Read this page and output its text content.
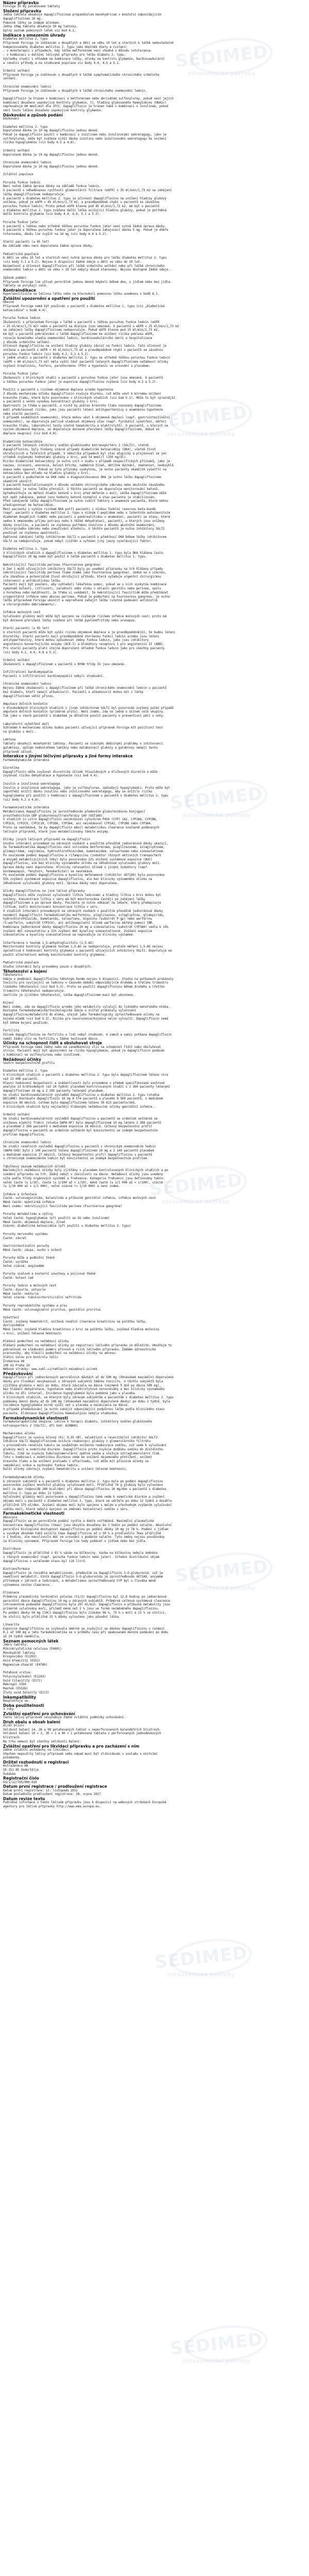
SEDIMED
zdravotnické potřeby
SEDIMED
zdravotnické potřeby
SEDIMED
zdravotnické potřeby
SEDIMED
zdravotnické potřeby
SEDIMED
zdravotnické potřeby
SEDIMED
zdravotnické potřeby
SEDIMED
zdravotnické potřeby
Název přípravku
Forxiga 10 mg potahované tablety
Složení přípravku
Jedna tableta obsahuje dapagliflozinum propandiolum monohydricum v množství odpovídajícím
dapagliflozinum 10 mg.
Pomocné látky se známým účinkem:
Jedna 10mg tableta obsahuje 50 mg laktosy.
Úplný seznam pomocných látek viz bod 6.1.
Indikace s omezením úhrady
Diabetes mellitus 2. typu
Přípravek Forxiga je indikován u dospělých a dětí ve věku 10 let a starších k léčbě nedostatečně
kompenzovaného diabetes mellitus 2. typu jako doplněk diety a cvičení:
- v monoterapii v případech, kdy léčba metforminem není vhodná z důvodu intolerance.
- v kombinaci s dalšími léčivými přípravky pro léčbu diabetu 2. typu.
Výsledky studií s ohledem na kombinace léčby, účinky na kontrolu glykemie, kardiovaskulární
a renální příhody a na studované populace viz body 4.4, 4.5 a 5.1.

Srdeční selhání
Přípravek Forxiga je indikován u dospělých k léčbě symptomatického chronického srdečního
selhání.

Chronické onemocnění ledvin
Přípravek Forxiga je indikován u dospělých k léčbě chronického onemocnění ledvin.

Dapagliflozin je hrazen v kombinaci s metforminem nebo derivátem sulfonylurey, pokud není jejich
kombinací dosaženo uspokojivé kontroly glykemie, tj. hladina glykovaného hemoglobinu (HbA1c)
nepřesahuje 60 mmol/mol dle IFCC. Dapagliflozin je hrazen také v kombinaci s inzulinem, pokud
není touto léčbou dosaženo uspokojivé kontroly glykemie.
Dávkování a způsob podání
Dávkování

Diabetes mellitus 2. typu
Doporučená dávka je 10 mg dapagliflozinu jednou denně.
Pokud je dapagliflozin použit v kombinaci s inzulinem nebo inzulinovými sekretagogy, jako je
sulfonylurea, může být zvážena nižší dávka inzulinu nebo inzulinového sekretagogu ke snížení
rizika hypoglykemie (viz body 4.5 a 4.8).

Srdeční selhání
Doporučená dávka je 10 mg dapagliflozinu jednou denně.

Chronické onemocnění ledvin
Doporučená dávka je 10 mg dapagliflozinu jednou denně.

Zvláštní populace

Porucha funkce ledvin
Není nutná žádná úprava dávky na základě funkce ledvin.
U pacientů s odhadovanou rychlostí glomerulární filtrace (eGFR) < 25 ml/min/1,73 m2 se zahájení
léčby dapagliflozinem nedoporučuje.
U pacientů s diabetes mellitus 2. typu je účinnost dapagliflozinu na snížení hladiny glukózy
snížena, pokud je eGFR < 45 ml/min/1,73 m2, a pravděpodobně chybí u pacientů se závažnou
poruchou funkce ledvin. Proto pokud eGFR klesne pod 45 ml/min/1,73 m2, má být u pacientů
s diabetes mellitus 2. typu zvážena další léčba snižující hladinu glukózy, pokud je potřebná
další kontrola glykemie (viz body 4.4, 4.8, 5.1 a 5.2).

Porucha funkce jater
U pacientů s lehkou nebo středně těžkou poruchou funkce jater není nutná žádná úprava dávky.
U pacientů s těžkou poruchou funkce jater je doporučena zahajovací dávka 5 mg. Pokud je dobře
tolerována, dávku lze zvýšit na 10 mg (viz body 4.4 a 5.2).

Starší pacienti (≥ 65 let)
Na základě věku není doporučena žádná úprava dávky.

Pediatrická populace
U dětí ve věku 10 let a starších není nutná úprava dávky pro léčbu diabetes mellitus 2. typu
(viz body 5.1 a 5.2). Nejsou k dispozici žádné údaje u dětí ve věku do 10 let.
Bezpečnost a účinnost dapagliflozinu při léčbě srdečního selhání nebo při léčbě chronického
onemocnění ledvin u dětí ve věku < 18 let nebyly dosud stanoveny. Nejsou dostupné žádné údaje.

Způsob podání
Přípravek Forxiga lze užívat perorálně jednou denně kdykoli během dne, s jídlem nebo bez jídla.
Tablety se polykají celé.
Kontraindikace
Hypersenzitivita na léčivou látku nebo na kteroukoli pomocnou látku uvedenou v bodě 6.1.
Zvláštní upozornění a opatření pro použití
Obecné
Přípravek Forxiga nemá být používán u pacientů s diabetes mellitus 1. typu (viz „Diabetická
ketoacidóza“ v bodě 4.4).

Porucha funkce ledvin
Zkušenosti s přípravkem Forxiga v léčbě u pacientů s těžkou poruchou funkce ledvin (eGFR
< 25 ml/min/1,73 m2) nebo u pacientů na dialýze jsou omezené. U pacientů s eGFR < 25 ml/min/1,73 m2
se zahájení léčby dapagliflozinem nedoporučuje. Pokud eGFR klesne pod 25 ml/min/1,73 m2,
má být u pacientů pokračováno v léčbě dapagliflozinem ke snížení rizika poklesu eGFR,
rozvoje konečného stadia onemocnění ledvin, kardiovaskulárního úmrtí a hospitalizace
z důvodu srdečního selhání.
Účinnost dapagliflozinu na snížení hladiny glukózy závisí na funkci ledvin. Tato účinnost je
snížena u pacientů s eGFR < 45 ml/min/1,73 m2 a pravděpodobně chybí u pacientů se závažnou
poruchou funkce ledvin (viz body 4.2, 5.1 a 5.2).
V jedné studii u pacientů s diabetes mellitus 2. typu se středně těžkou poruchou funkce ledvin
(eGFR < 60 ml/min/1,73 m2) měla vyšší část pacientů léčených dapagliflozinem nežádoucí účinky
zvýšení kreatininu, fosforu, parathormonu (PTH) a hypotenzi ve srovnání s placebem.

Porucha funkce jater
Zkušenosti z klinických studií u pacientů s poruchou funkce jater jsou omezené. U pacientů
s těžkou poruchou funkce jater je expozice dapagliflozinu zvýšená (viz body 4.2 a 5.2).

Použití u pacientů s rizikem objemové deplece a/nebo hypotenze
Z důvodu mechanismu účinku dapagliflozin zvyšuje diurézu, což může vést k mírnému snížení
krevního tlaku, které bylo pozorováno v klinických studiích (viz bod 5.1). Může to být výraznější
u pacientů s velmi vysokou koncentrací glukózy v krvi.
Opatrnosti je třeba u pacientů, u nichž by pokles krevního tlaku navozený dapagliflozinem
mohl představovat riziko, jako jsou pacienti léčení antihypertenzivy s anamnézou hypotenze
nebo starší pacienti.
V případě souběžných onemocnění, která mohou vést k objemové depleci (např. gastrointestinální
onemocnění), se doporučuje pečlivě sledovat objemový stav (např. fyzikální vyšetření, měření
krevního tlaku, laboratorní testy včetně hematokritu a elektrolytů). U pacientů, u kterých se
vyvine objemová deplece, se doporučuje dočasné přerušení léčby dapagliflozinem, dokud se
deplece neupraví (viz bod 4.8).

Diabetická ketoacidóza
U pacientů léčených inhibitory sodíko-glukózového kotransportéru 2 (SGLT2), včetně
dapagliflozinu, byly hlášeny vzácné případy diabetické ketoacidózy (DKA), včetně život
ohrožujících a fatálních případů. V několika případech byl stav atypický a projevoval se jen
středně zvýšenými hodnotami glukózy v krvi, pod 14 mmol/l (250 mg/dl).
Riziko diabetické ketoacidózy je nutno vzít v úvahu v případě nespecifických příznaků, jako je
nauzea, zvracení, anorexie, bolest břicha, nadměrná žízeň, obtížné dýchání, zmatenost, neobvyklá
únava nebo spavost. Pokud se tyto příznaky vyskytnou, je nutno pacienty okamžitě vyšetřit na
ketoacidózu bez ohledu na hladinu glukózy v krvi.
U pacientů s podezřením na DKA nebo s diagnostikovanou DKA je nutno léčbu dapagliflozinem
okamžitě ukončit.
U pacientů hospitalizovaných z důvodu velkého chirurgického zákroku nebo akutního závažného
onemocnění je nutno léčbu přerušit. U těchto pacientů se doporučuje monitorování ketonů.
Upřednostňuje se měření hladin ketonů v krvi před měřením v moči. Léčba dapagliflozinem může
být opět zahájena, pokud jsou hodnoty ketonů normální a stav pacienta je stabilizován.
Před zahájením léčby dapagliflozinem je nutno zvážit faktory v anamnéze pacienta, které mohou
předisponovat ke ketoacidóze.
Mezi pacienty s vyšším rizikem DKA patří pacienti s nízkou funkční rezervou beta-buněk
(např. pacienti s diabetes mellitus 2. typu s nízkým C-peptidem nebo s latentním autoimunitním
diabetem dospělých (LADA) nebo pacienti s pankreatitidou v anamnéze), pacienti se stavy, které
vedou k omezenému příjmu potravy nebo k těžké dehydrataci, pacienti, u kterých jsou sníženy
dávky inzulinu, a pacienti se zvýšenou potřebou inzulinu z důvodu akutního onemocnění,
chirurgického zákroku nebo zneužívání alkoholu. U těchto pacientů je nutno inhibitory SGLT2
používat se zvýšenou opatrností.
Opětovné zahájení léčby inhibitorem SGLT2 u pacientů s předchozí DKA během léčby inhibitorem
SGLT2 se nedoporučuje, pokud nebyl zjištěn a vyřešen jiný jasný vyvolávající faktor.

Diabetes mellitus 1. typu
V klinických studiích s dapagliflozinem u diabetes mellitus 1. typu byla DKA hlášena často.
Dapagliflozin 10 mg nemá být použit k léčbě pacientů s diabetes mellitus 1. typu.

Nekrotizující fasciitida perinea (Fournierova gangréna)
U žen i mužů užívajících inhibitory SGLT2 byly po uvedení přípravku na trh hlášeny případy
nekrotizující fasciitidy perinea (také známé jako Fournierova gangréna). Jedná se o vzácnou,
ale závažnou a potenciálně život ohrožující příhodu, která vyžaduje urgentní chirurgickou
intervenci a antibiotickou léčbu.
Pacienti mají být poučeni, aby vyhledali lékařskou pomoc, pokud se u nich vyskytne kombinace
symptomů bolesti, citlivosti, zarudnutí nebo otoku v oblasti genitálu nebo perinea, spolu
s horečkou nebo malátností. Je třeba si uvědomit, že nekrotizující fasciitidě může předcházet
urogenitální infekce nebo absces perinea. Pokud je podezření na Fournierovu gangrénu, je nutno
léčbu přípravkem Forxiga ukončit a neprodleně zahájit léčbu (včetně podávání antibiotik
a chirurgického debridementu).

Infekce močových cest
Vylučování glukózy močí může být spojeno se zvýšeným rizikem infekce močových cest; proto má
být dočasné přerušení léčby zváženo při léčbě pyelonefritidy nebo urosepse.

Starší pacienti (≥ 65 let)
U starších pacientů může být vyšší riziko objemové deplece a je pravděpodobnější, že budou léčeni
diuretiky. Starší pacienti mají pravděpodobně zhoršenou funkci ledvin a/nebo jsou léčeni
antihypertenzivy, která mohou způsobovat změny funkce ledvin, jako jsou inhibitory
angiotenzin konvertujícího enzymu (ACE-I) a blokátory receptoru 1 pro angiotenzin II (ARB).
Pro starší pacienty platí stejná doporučení ohledně funkce ledvin jako pro všechny pacienty
(viz body 4.2, 4.4, 4.8 a 5.1).

Srdeční selhání
Zkušenosti s dapagliflozinem u pacientů s NYHA třídy IV jsou omezené.

Infiltrativní kardiomyopatie
Pacienti s infiltrativní kardiomyopatií nebyli studováni.

Chronické onemocnění ledvin
Nejsou žádné zkušenosti s dapagliflozinem při léčbě chronického onemocnění ledvin u pacientů
bez diabetu, kteří nemají albuminurii. Pacienti s albuminurií mohou mít z léčby
dapagliflozinem větší přínos.

Amputace dolních končetin
V dlouhodobých klinických studiích s jiným inhibitorem SGLT2 byl pozorován zvýšený počet případů
amputace dolních končetin (primárně prstu). Není známo, zda se jedná o účinek celé skupiny.
Tak jako u všech pacientů s diabetem je důležité poučit pacienty o preventivní péči o nohy.

Laboratorní vyšetření moči
Vzhledem k mechanismu účinku budou pacienti užívající přípravek Forxiga mít pozitivní test
na glukózu v moči.

Laktosa
Tablety obsahují monohydrát laktosy. Pacienti se vzácnými dědičnými problémy s intolerancí
galaktosy, úplným nedostatkem laktázy nebo malabsorpcí glukózy a galaktosy nemají tento
přípravek užívat.
Interakce s jinými léčivými přípravky a jiné formy interakce
Farmakodynamické interakce

Diuretika
Dapagliflozin může zvyšovat diuretický účinek thiazidových a kličkových diuretik a může
zvyšovat riziko dehydratace a hypotenze (viz bod 4.4).

Inzulin a inzulinová sekretagoga
Inzulin a inzulinová sekretagoga, jako je sulfonylurea, způsobují hypoglykemii. Proto může být
zapotřebí snížit dávku inzulinu nebo inzulinového sekretagogu, aby se snížilo riziko
hypoglykemie při použití v kombinaci s dapagliflozinem u pacientů s diabetes mellitus 2. typu
(viz body 4.2 a 4.8).

Farmakokinetické interakce
Metabolismus dapagliflozinu je zprostředkován především glukuronidovou konjugací
prostřednictvím UDP glukuronosyltransferázy 1A9 (UGT1A9).
V studiích in vitro dapagliflozin neinhiboval cytochrom P450 (CYP) 1A2, CYP2A6, CYP2B6,
CYP2C8, CYP2C9, CYP2C19, CYP2D6, CYP3A4, ani neindukoval CYP1A2, CYP2B6 nebo CYP3A4.
Proto se neočekává, že by dapagliflozin měnil metabolickou clearance současně podávaných
léčivých přípravků, které jsou metabolizovány těmito enzymy.

Účinky jiných léčivých přípravků na dapagliflozin
Studie interakcí provedené na zdravých osobách s použitím převážně jednorázové dávky ukazují,
že farmakokinetika dapagliflozinu není ovlivněna metforminem, pioglitazonem, sitagliptinem,
glimepiridem, vogliboza, hydrochlorothiazidem, bumetanidem, valsartanem nebo simvastatinem.
Po současném podání dapagliflozinu a rifampicinu (induktor různých aktivních transportérů
a enzymů metabolizujících léky) bylo pozorováno 22% snížení systémové expozice (AUC)
dapagliflozinu, ale bez klinicky významného účinku na 24hodinové vylučování glukózy močí.
Úprava dávky není doporučena. Klinicky relevantní účinek s jinými induktory (např.
karbamazepin, fenytoin, fenobarbital) se neočekává.
Po současném podání dapagliflozinu a kyseliny mefenamové (inhibitor UGT1A9) bylo pozorováno
55% zvýšení systémové expozice dapagliflozinu, ale bez klinicky významného účinku na
24hodinové vylučování glukózy močí. Úprava dávky není doporučena.

Účinky dapagliflozinu na jiné léčivé přípravky
Dapagliflozin může zvyšovat vylučování lithia ledvinami a hladiny lithia v krvi mohou být
sníženy. Koncentrace lithia v séru má být monitorována častěji po zahájení léčby
dapagliflozinem a po úpravě dávky. Pacienta je nutno odkázat na lékaře, který předepisuje
lithium, kvůli monitorování koncentrace lithia v séru.
V studiích interakcí provedených na zdravých osobách s použitím převážně jednorázové dávky
nezměnil dapagliflozin farmakokinetiku metforminu, pioglitazonu, sitagliptinu, glimepiridu,
hydrochlorothiazidu, bumetanidu, valsartanu, digoxinu (substrát P-gp) nebo warfarinu
(S-warfarin, substrát CYP2C9), ani antikoagulační účinek warfarinu měřený pomocí INR.
Kombinace jednorázové dávky dapagliflozinu 20 mg a simvastatinu (substrát CYP3A4) vedla k 19%
zvýšení AUC simvastatinu a 31% zvýšení AUC kyseliny simvastatinové. Zvýšení expozice
simvastatinu a kyseliny simvastatinové se nepovažuje za klinicky významné.

Interference s testem 1,5-anhydroglucitolu (1,5-AG)
Monitorování kontroly glykemie testem 1,5-AG se nedoporučuje, protože měření 1,5-AG nejsou
spolehlivá k hodnocení kontroly glykemie u pacientů užívajících inhibitory SGLT2. Doporučuje se
použít alternativní metody monitorování kontroly glykemie.

Pediatrická populace
Studie interakcí byly provedeny pouze u dospělých.
Těhotenství a kojení
Těhotenství
Údaje o podávání dapagliflozinu těhotným ženám nejsou k dispozici. Studie na potkanech prokázaly
toxicitu pro vyvíjející se ledviny v časovém období odpovídajícím druhému a třetímu trimestru
lidského těhotenství (viz bod 5.3). Proto se použití dapagliflozinu během druhého a třetího
trimestru těhotenství nedoporučuje.
Jestliže je zjištěno těhotenství, léčba dapagliflozinem musí být ukončena.

Kojení
Není známo, zda se dapagliflozin a/nebo jeho metabolity vylučují do lidského mateřského mléka.
Dostupné farmakodynamické/toxikologické údaje u zvířat prokázaly vylučování
dapagliflozinu/metabolitů do mléka, stejně jako farmakologicky zprostředkované účinky na
kojené mládě (viz bod 5.3). Riziko pro novorozence/kojence nelze vyloučit. Dapagliflozin nemá
být během kojení používán.

Fertilita
Účinek dapagliflozinu na fertilitu u lidí nebyl studován. U samců a samic potkana dapagliflozin
neměl žádný vliv na fertilitu v žádné testované dávce.
Účinky na schopnost řídit a obsluhovat stroje
Přípravek Forxiga nemá žádný nebo má zanedbatelný vliv na schopnost řídit nebo obsluhovat
stroje. Pacienti mají být upozorněni na riziko hypoglykemie, pokud je dapagliflozin podáván
v kombinaci se sulfonylureou nebo inzulinem.
Nežádoucí účinky
Souhrn bezpečnostního profilu

Diabetes mellitus 2. typu
V klinických studiích u pacientů s diabetes mellitus 2. typu bylo dapagliflozinem léčeno více
než 15 000 pacientů.
Hlavní hodnocení bezpečnosti a snášenlivosti bylo provedeno v předem specifikované souhrnné
analýze 13 krátkodobých (až 24 týdnů) placebem kontrolovaných studií s 2 360 pacienty léčenými
dapagliflozinem 10 mg a 2 295 pacienty léčenými placebem.
Ve studii kardiovaskulárních výsledků dapagliflozinu u diabetes mellitus 2. typu (studie
DECLARE) dostávalo dapagliflozin 10 mg 8 574 pacientů a placebo 8 569 pacientů, s mediánem
expozice 48 měsíců. Celkem bylo dapagliflozinem léčeno 30 623 pacientoroků.
V klinických studiích byly nejčastěji hlášenými nežádoucími účinky genitální infekce.

Srdeční selhání
Ve studii kardiovaskulárních výsledků dapagliflozinu u pacientů se srdečním selháním se
sníženou ejekční frakcí (studie DAPA-HF) bylo dapagliflozinem 10 mg léčeno 2 368 pacientů
a placebem 2 368 pacientů s mediánem expozice 18 měsíců. Celkový bezpečnostní profil
dapagliflozinu u pacientů se srdečním selháním byl konzistentní se známým bezpečnostním
profilem dapagliflozinu.

Chronické onemocnění ledvin
Ve studii renálních výsledků dapagliflozinu u pacientů s chronickým onemocněním ledvin
(DAPA-CKD) bylo 2 149 pacientů léčeno dapagliflozinem 10 mg a 2 149 pacientů placebem
s mediánem expozice 27 měsíců. Celkový bezpečnostní profil dapagliflozinu u pacientů
s chronickým onemocněním ledvin byl konzistentní se známým bezpečnostním profilem.

Tabulkový seznam nežádoucích účinků
Následující nežádoucí účinky byly zjištěny v placebem kontrolovaných klinických studiích a po
uvedení přípravku na trh. Žádný nebyl v závislosti na dávce. Nežádoucí účinky jsou uvedeny
níže podle třídy orgánových systémů a frekvence. Kategorie frekvencí jsou definovány takto:
velmi časté (≥ 1/10), časté (≥ 1/100 až < 1/10), méně časté (≥ 1/1 000 až < 1/100), vzácné
(≥ 1/10 000 až < 1/1 000), velmi vzácné (< 1/10 000) a není známo.

Infekce a infestace
Časté: vulvovaginitida, balanitida a příbuzné genitální infekce, infekce močových cest
Méně časté: mykotická infekce
Není známo: nekrotizující fasciitida perinea (Fournierova gangréna)

Poruchy metabolismu a výživy
Velmi časté: hypoglykemie (při použití se SU nebo inzulinem)
Méně časté: objemová deplece, žízeň
Vzácné: diabetická ketoacidóza (při použití u diabetes mellitus 2. typu)

Poruchy nervového systému
Časté: závrať

Gastrointestinální poruchy
Méně časté: zácpa, sucho v ústech

Poruchy kůže a podkožní tkáně
Časté: vyrážka
Velmi vzácné: angioedém

Poruchy svalové a kosterní soustavy a pojivové tkáně
Časté: bolest zad

Poruchy ledvin a močových cest
Časté: dysurie, polyurie
Méně časté: nokturie
Velmi vzácné: tubulointersticiální nefritida

Poruchy reprodukčního systému a prsu
Méně časté: vulvovaginální pruritus, genitální pruritus

Vyšetření
Časté: zvýšený hematokrit, snížená renální clearance kreatininu na počátku léčby,
dyslipidemie
Méně časté: zvýšená hladina kreatininu v krvi na počátku léčby, zvýšená hladina močoviny
v krvi, snížení tělesné hmotnosti

Hlášení podezření na nežádoucí účinky
Hlášení podezření na nežádoucí účinky po registraci léčivého přípravku je důležité. Umožňuje to
pokračovat ve sledování poměru přínosů a rizik léčivého přípravku. Žádáme zdravotnické
pracovníky, aby hlásili podezření na nežádoucí účinky na adresu:
Státní ústav pro kontrolu léčiv
Šrobárova 48
100 41 Praha 10
Webové stránky: www.sukl.cz/nahlasit-nezadouci-ucinek
Předávkování
Dapagliflozin při jednorázových perorálních dávkách až do 500 mg (50násobek maximální doporučené
dávky pro člověka) nevykazoval u zdravých subjektů žádnou toxicitu. U těchto subjektů byla
zjištěna glukóza v moči po dobu, která závisela na dávce (nejméně 5 dnů po dávce 500 mg),
bez hlášení dehydratace, hypotenze nebo elektrolytové nerovnováhy a bez klinicky významného
účinku na QTc interval. Incidence hypoglykemie byla podobná jako u placeba.
V klinických studiích, ve kterých byly zdravým subjektům a pacientům s diabetes mellitus 2. typu
podávány denní dávky až do 100 mg (10násobek maximální doporučené dávky) po dobu 2 týdnů, byla
incidence hypoglykemie mírně vyšší než u placeba a nezávisela na dávce.
V případě předávkování je nutno zahájit odpovídající podpůrnou léčbu podle klinického stavu
pacienta. Eliminace dapagliflozinu hemodialýzou nebyla studována.
Farmakodynamické vlastnosti
Farmakoterapeutická skupina: Léčiva k terapii diabetu, inhibitory sodíko-glukózového
kotransportéru 2 (SGLT2), ATC kód: A10BK01

Mechanismus účinku
Dapagliflozin je vysoce účinný (Ki: 0,55 nM), selektivní a reverzibilní inhibitor SGLT2.
Inhibice SGLT2 dapagliflozinem snižuje reabsorpci glukózy z glomerulárního filtrátu
v proximálním renálním tubulu se souběžným snížením reabsorpce sodíku, což vede k vylučování
glukózy močí a osmotické diuréze. Dapagliflozin proto zvyšuje dodávku sodíku do distálního
tubulu, čímž se zvyšuje tubuloglomerulární zpětná vazba a snižuje intraglomerulární tlak.
Toto v kombinaci s osmotickou diurézou vede ke snížení objemového přetížení, snížení
krevního tlaku a ke snížení preloadu i afterloadu, což může mít příznivé účinky na
remodelaci srdce a zachování funkce ledvin.
Další účinky zahrnují zvýšení hematokritu a snížení tělesné hmotnosti.

Farmakodynamické účinky
U zdravých subjektů a u pacientů s diabetes mellitus 2. typu bylo po podání dapagliflozinu
pozorováno zvýšení množství glukózy vylučované močí. Přibližně 70 g glukózy bylo vyloučeno
močí za den (odpovídá 280 kcal/den) při dávce dapagliflozinu 10 mg/den u pacientů s diabetes
mellitus 2. typu po dobu 12 týdnů.
Vylučování glukózy močí pozorované u dapagliflozinu také vede k osmotické diuréze a zvýšení
objemu moči u pacientů s diabetes mellitus 2. typu, které se udrželo po dobu 12 týdnů a dosáhlo
přibližně 375 ml/den. Zvýšení objemu moči bylo spojeno s malým a přechodným zvýšením vylučování
sodíku močí, které nebylo spojeno se změnami koncentrací sodíku v séru.
Farmakokinetické vlastnosti
Absorpce
Dapagliflozin se po perorálním podání rychle a dobře vstřebává. Maximální plazmatické
koncentrace dapagliflozinu (Cmax) jsou obvykle dosaženy do 2 hodin po podání nalačno. Absolutní
perorální biologická dostupnost dapagliflozinu po podání dávky 10 mg je 78 %. Podání s jídlem
s vysokým obsahem tuků snížilo Cmax dapagliflozinu až o 50 % a prodloužilo Tmax přibližně
o 1 hodinu, ale neovlivnilo AUC ve srovnání s podáním nalačno. Tyto změny nejsou považovány
za klinicky významné. Přípravek Forxiga lze tedy podávat s jídlem nebo bez jídla.

Distribuce
Dapagliflozin je přibližně z 91 % vázán na bílkoviny. Vazba na bílkoviny nebyla změněna
u různých onemocnění (např. porucha funkce ledvin nebo jater). Střední distribuční objem
dapagliflozinu v ustáleném stavu byl 118 litrů.

Biotransformace
Dapagliflozin je rozsáhle metabolizován, především na dapagliflozin 3-O-glukuronid, což je
neaktivní metabolit. Vznik dapagliflozin 3-O-glukuronidu je zprostředkován UGT1A9, enzymem
přítomným v játrech a ledvinách, a metabolismus zprostředkovaný CYP byl u člověka méně
významnou cestou clearance.

Eliminace
Průměrný plazmatický terminální poločas (t1/2) dapagliflozinu byl 12,9 hodiny po jednorázové
perorální dávce dapagliflozinu 10 mg u zdravých subjektů. Průměrná celková systémová clearance
intravenózně podaného dapagliflozinu byla 207 ml/min. Dapagliflozin a příbuzné metabolity jsou
primárně vylučovány močí, přičemž méně než 2 % jsou ve formě nezměněného dapagliflozinu.
Po podání dávky 50 mg [14C]-dapagliflozinu bylo získáno 96 %, 75 % v moči a 21 % ve stolici.
Ve stolici bylo přibližně 15 % dávky vyloučeno jako původní látka.

Linearita
Expozice dapagliflozinu se zvyšovala úměrně se zvyšující se dávkou dapagliflozinu v rozmezí
0,1 až 500 mg a jeho farmakokinetika se v průběhu času při opakovaném denním podávání po dobu
až 24 týdnů neměnila.
Seznam pomocných látek
Jádro tablety:
Mikrokrystalická celulosa (E460i)
Monohydrát laktosy
Krospovidon (E1202)
Oxid křemičitý (E551)
Magnesium-stearát (E470b)

Potahová vrstva:
Polyvinylalkohol (E1203)
Oxid titaničitý (E171)
Makrogol 3350
Mastek (E553b)
Žlutý oxid železitý (E172)
Inkompatibility
Neuplatňuje se.
Doba použitelnosti
3 roky
Zvláštní opatření pro uchovávání
Tento léčivý přípravek nevyžaduje žádné zvláštní podmínky uchovávání.
Druh obalu a obsah balení
Al/Al blistr
Velikost balení 14, 28 a 98 potahovaných tablet v neperforovaných kalendářních blistrech.
Velikost balení 10 × 1, 30 × 1 a 90 × 1 potahovaná tableta v perforovaných jednodávkových
blistrech.
Na trhu nemusí být všechny velikosti balení.
Zvláštní opatření pro likvidaci přípravku a pro zacházení s ním
Žádné zvláštní požadavky na likvidaci.
Všechen nepoužitý léčivý přípravek nebo odpad musí být zlikvidován v souladu s místními
požadavky.
Držitel rozhodnutí o registraci
AstraZeneca AB
SE-151 85 Södertälje
Švédsko
Registrační číslo
EU/1/12/795/006-010
Datum první registrace / prodloužení registrace
Datum první registrace: 12. listopadu 2012
Datum posledního prodloužení registrace: 28. srpna 2017
Datum revize textu
Podrobné informace o tomto léčivém přípravku jsou k dispozici na webových stránkách Evropské
agentury pro léčivé přípravky http://www.ema.europa.eu.
